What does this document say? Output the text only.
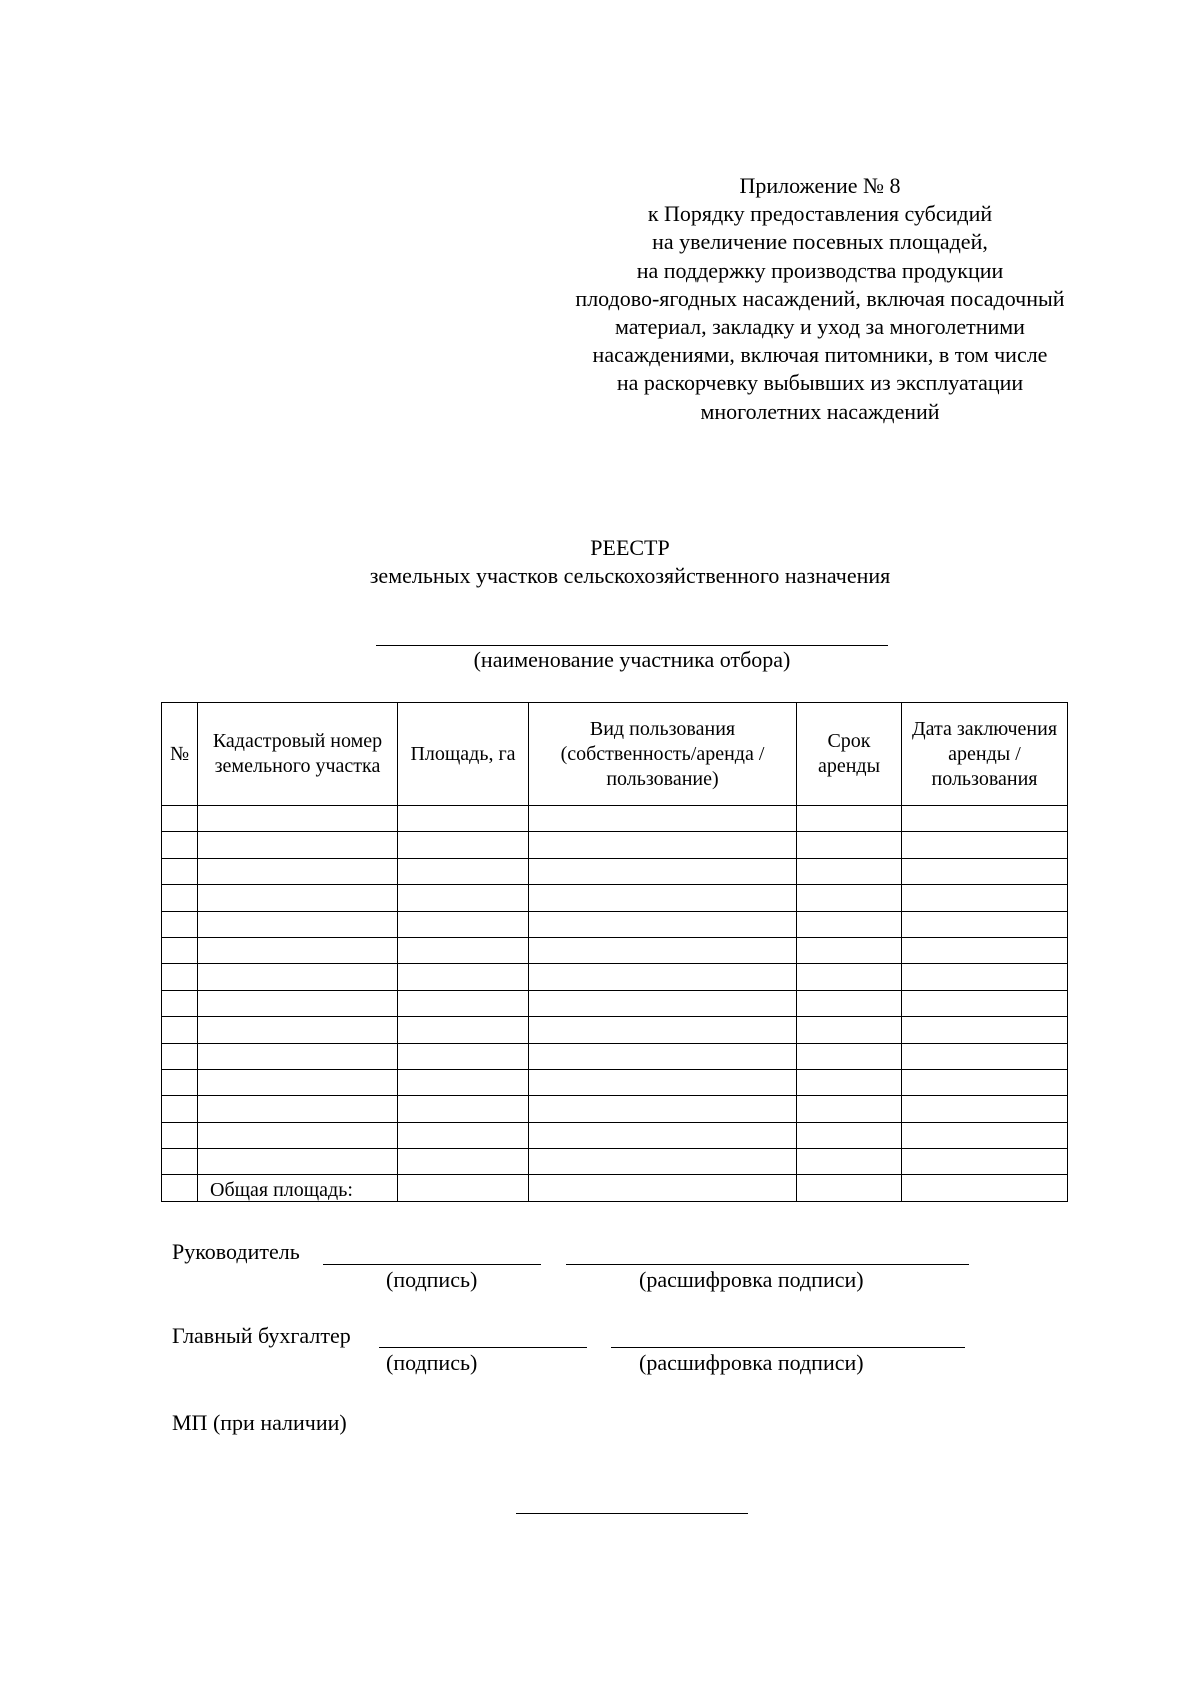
Приложение № 8
к Порядку предоставления субсидий
на увеличение посевных площадей,
на поддержку производства продукции
плодово-ягодных насаждений, включая посадочный
материал, закладку и уход за многолетними
насаждениями, включая питомники, в том числе
на раскорчевку выбывших из эксплуатации
многолетних насаждений
РЕЕСТР
земельных участков сельскохозяйственного назначения
(наименование участника отбора)
№	Кадастровый номер земельного участка	Площадь, га	Вид пользования (собственность/аренда /пользование)	Срок аренды	Дата заключения аренды / пользования

	Общая площадь:				
Руководитель
(подпись)	(расшифровка подписи)
Главный бухгалтер
(подпись)	(расшифровка подписи)
МП (при наличии)
